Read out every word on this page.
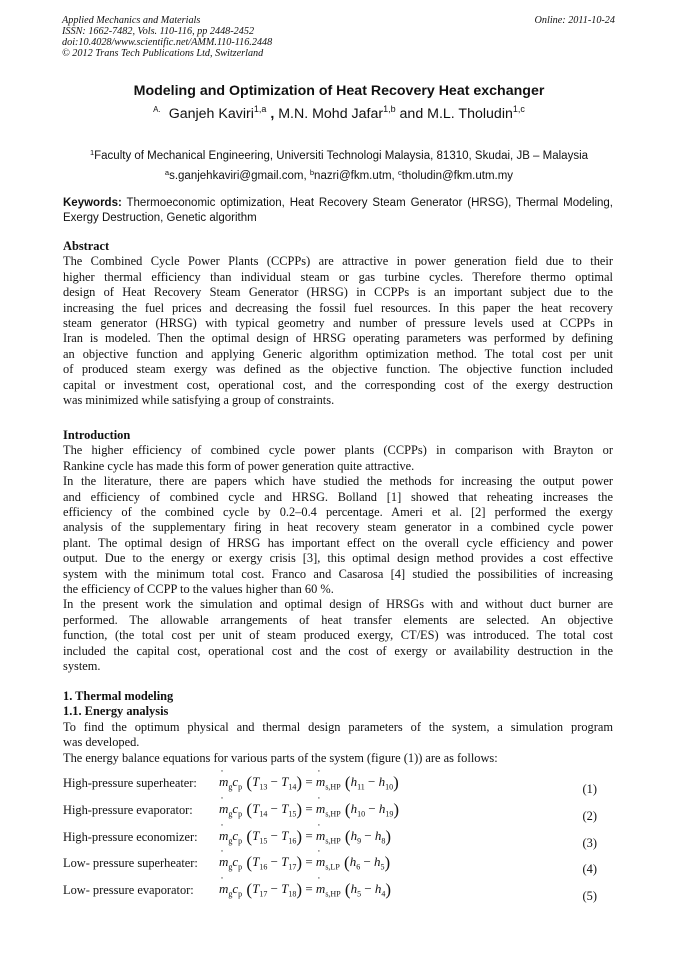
Applied Mechanics and Materials
ISSN: 1662-7482, Vols. 110-116, pp 2448-2452
doi:10.4028/www.scientific.net/AMM.110-116.2448
© 2012 Trans Tech Publications Ltd, Switzerland
Online: 2011-10-24
Modeling and Optimization of Heat Recovery Heat exchanger
$^{A.}$ Ganjeh Kaviri$^{1,a}$ , M.N. Mohd Jafar$^{1,b}$ and M.L. Tholudin$^{1,c}$
$^1$Faculty of Mechanical Engineering, Universiti Technologi Malaysia, 81310, Skudai, JB – Malaysia
$^a$s.ganjehkaviri@gmail.com, $^b$nazri@fkm.utm, $^c$tholudin@fkm.utm.my
Keywords: Thermoeconomic optimization, Heat Recovery Steam Generator (HRSG), Thermal Modeling, Exergy Destruction, Genetic algorithm
Abstract
The Combined Cycle Power Plants (CCPPs) are attractive in power generation field due to their
higher thermal efficiency than individual steam or gas turbine cycles. Therefore thermo optimal
design of Heat Recovery Steam Generator (HRSG) in CCPPs is an important subject due to the
increasing the fuel prices and decreasing the fossil fuel resources. In this paper the heat recovery
steam generator (HRSG) with typical geometry and number of pressure levels used at CCPPs in
Iran is modeled. Then the optimal design of HRSG operating parameters was performed by defining
an objective function and applying Generic algorithm optimization method. The total cost per unit
of produced steam exergy was defined as the objective function. The objective function included
capital or investment cost, operational cost, and the corresponding cost of the exergy destruction
was minimized while satisfying a group of constraints.
Introduction
The higher efficiency of combined cycle power plants (CCPPs) in comparison with Brayton or
Rankine cycle has made this form of power generation quite attractive.
In the literature, there are papers which have studied the methods for increasing the output power
and efficiency of combined cycle and HRSG. Bolland [1] showed that reheating increases the
efficiency of the combined cycle by 0.2–0.4 percentage. Ameri et al. [2] performed the exergy
analysis of the supplementary firing in heat recovery steam generator in a combined cycle power
plant. The optimal design of HRSG has important effect on the overall cycle efficiency and power
output. Due to the energy or exergy crisis [3], this optimal design method provides a cost effective
system with the minimum total cost. Franco and Casarosa [4] studied the possibilities of increasing
the efficiency of CCPP to the values higher than 60 %.
In the present work the simulation and optimal design of HRSGs with and without duct burner are
performed. The allowable arrangements of heat transfer elements are selected. An objective
function, (the total cost per unit of steam produced exergy, CT/ES) was introduced. The total cost
included the capital cost, operational cost and the cost of exergy or availability destruction in the
system.
1. Thermal modeling
1.1. Energy analysis
To find the optimum physical and thermal design parameters of the system, a simulation program
was developed.
The energy balance equations for various parts of the system (figure (1)) are as follows:
High-pressure superheater: ˙ $m_gc_p$ $(T_{13} - T_{14})$ = ˙ $m_{s,HP}$ $(h_{11} - h_{10})$	(1)
High-pressure evaporator: ˙ $m_gc_p$ $(T_{14} - T_{15})$ = ˙ $m_{s,HP}$ $(h_{10} - h_{19})$	(2)
High-pressure economizer: ˙ $m_gc_p$ $(T_{15} - T_{16})$ = ˙ $m_{s,HP}$ $(h_9 - h_8)$	(3)
Low- pressure superheater: ˙ $m_gc_p$ $(T_{16} - T_{17})$ = ˙ $m_{s,LP}$ $(h_6 - h_5)$	(4)
Low- pressure evaporator: ˙ $m_gc_p$ $(T_{17} - T_{18})$ = ˙ $m_{s,HP}$ $(h_5 - h_4)$	(5)
